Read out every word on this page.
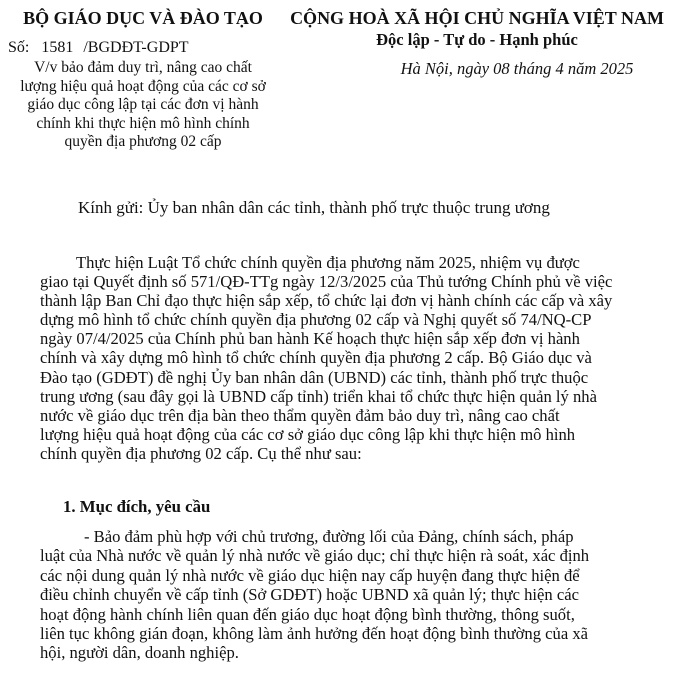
BỘ GIÁO DỤC VÀ ĐÀO TẠO
Số: 1581 /BGDĐT-GDPT
V/v bảo đảm duy trì, nâng cao chất
lượng hiệu quả hoạt động của các cơ sở
giáo dục công lập tại các đơn vị hành
chính khi thực hiện mô hình chính
quyền địa phương 02 cấp
CỘNG HOÀ XÃ HỘI CHỦ NGHĨA VIỆT NAM
Độc lập - Tự do - Hạnh phúc
Hà Nội, ngày 08 tháng 4 năm 2025
Kính gửi: Ủy ban nhân dân các tỉnh, thành phố trực thuộc trung ương
Thực hiện Luật Tổ chức chính quyền địa phương năm 2025, nhiệm vụ được
giao tại Quyết định số 571/QĐ-TTg ngày 12/3/2025 của Thủ tướng Chính phủ về việc
thành lập Ban Chỉ đạo thực hiện sắp xếp, tổ chức lại đơn vị hành chính các cấp và xây
dựng mô hình tổ chức chính quyền địa phương 02 cấp và Nghị quyết số 74/NQ-CP
ngày 07/4/2025 của Chính phủ ban hành Kế hoạch thực hiện sắp xếp đơn vị hành
chính và xây dựng mô hình tổ chức chính quyền địa phương 2 cấp. Bộ Giáo dục và
Đào tạo (GDĐT) đề nghị Ủy ban nhân dân (UBND) các tỉnh, thành phố trực thuộc
trung ương (sau đây gọi là UBND cấp tỉnh) triển khai tổ chức thực hiện quản lý nhà
nước về giáo dục trên địa bàn theo thẩm quyền đảm bảo duy trì, nâng cao chất
lượng hiệu quả hoạt động của các cơ sở giáo dục công lập khi thực hiện mô hình
chính quyền địa phương 02 cấp. Cụ thể như sau:
1. Mục đích, yêu cầu
- Bảo đảm phù hợp với chủ trương, đường lối của Đảng, chính sách, pháp
luật của Nhà nước về quản lý nhà nước về giáo dục; chỉ thực hiện rà soát, xác định
các nội dung quản lý nhà nước về giáo dục hiện nay cấp huyện đang thực hiện để
điều chỉnh chuyển về cấp tỉnh (Sở GDĐT) hoặc UBND xã quản lý; thực hiện các
hoạt động hành chính liên quan đến giáo dục hoạt động bình thường, thông suốt,
liên tục không gián đoạn, không làm ảnh hưởng đến hoạt động bình thường của xã
hội, người dân, doanh nghiệp.
